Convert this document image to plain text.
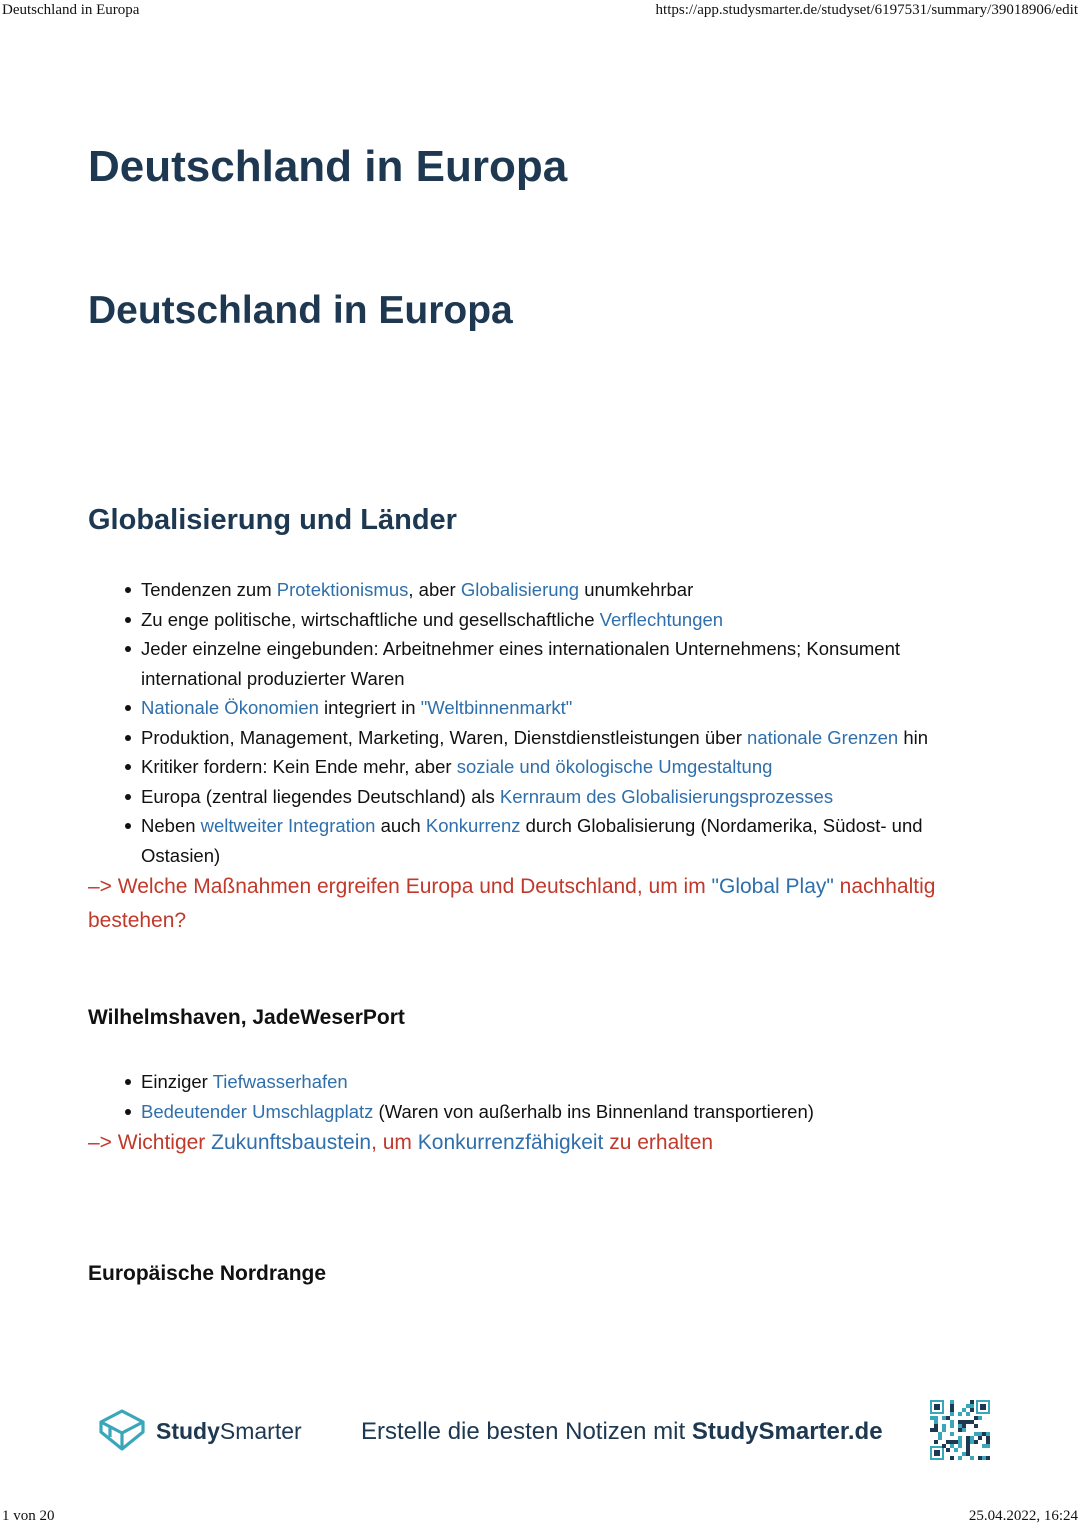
Deutschland in Europa	https://app.studysmarter.de/studyset/6197531/summary/39018906/edit
Deutschland in Europa
Deutschland in Europa
Globalisierung und Länder
Tendenzen zum Protektionismus, aber Globalisierung unumkehrbar
Zu enge politische, wirtschaftliche und gesellschaftliche Verflechtungen
Jeder einzelne eingebunden: Arbeitnehmer eines internationalen Unternehmens; Konsument international produzierter Waren
Nationale Ökonomien integriert in "Weltbinnenmarkt"
Produktion, Management, Marketing, Waren, Dienstdienstleistungen über nationale Grenzen hin
Kritiker fordern: Kein Ende mehr, aber soziale und ökologische Umgestaltung
Europa (zentral liegendes Deutschland) als Kernraum des Globalisierungsprozesses
Neben weltweiter Integration auch Konkurrenz durch Globalisierung (Nordamerika, Südost- und Ostasien)
–> Welche Maßnahmen ergreifen Europa und Deutschland, um im "Global Play" nachhaltig bestehen?
Wilhelmshaven, JadeWeserPort
Einziger Tiefwasserhafen
Bedeutender Umschlagplatz (Waren von außerhalb ins Binnenland transportieren)
–> Wichtiger Zukunftsbaustein, um Konkurrenzfähigkeit zu erhalten
Europäische Nordrange
StudySmarter Erstelle die besten Notizen mit StudySmarter.de
1 von 20	25.04.2022, 16:24
